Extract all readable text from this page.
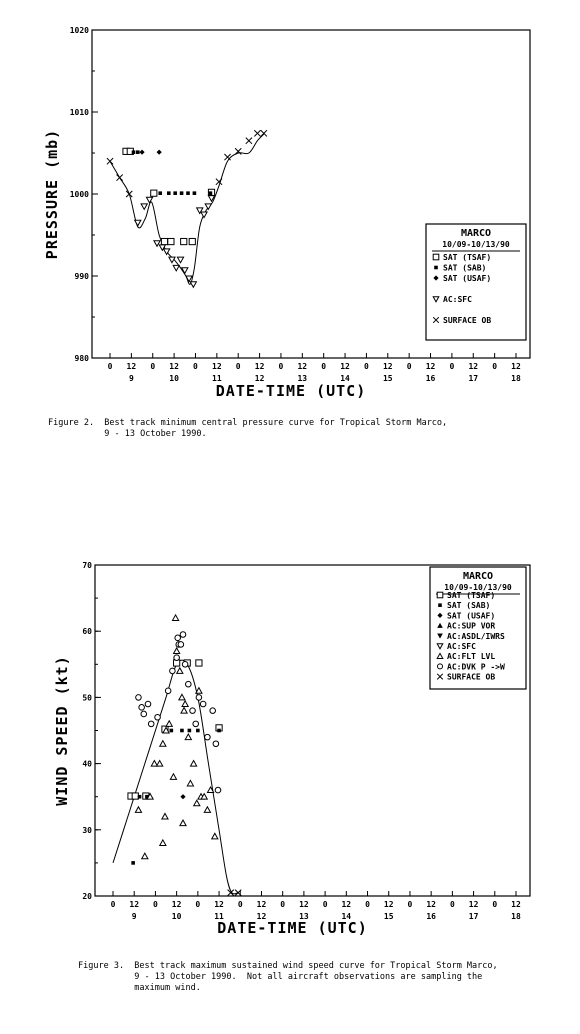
0 12
9
0 12
10
0 12
11
0 12
12
0 12
13
0 12
14
0 12
15
0 12
16
0 12
17
0 12
18
980
990
1000
1010
1020
PRESSURE (mb)
DATE-TIME (UTC)
MARCO
10/09-10/13/90
SAT (TSAF)
SAT (SAB)
SAT (USAF)
AC:SFC
SURFACE OB
0 12
9
0 12
10
0 12
11
0 12
12
0 12
13
0 12
14
0 12
15
0 12
16
0 12
17
0 12
18
20
30
40
50
60
70
WIND SPEED (kt)
DATE-TIME (UTC)
MARCO
10/09-10/13/90
SAT (TSAF)
SAT (SAB)
SAT (USAF)
AC:SUP VOR
AC:ASDL/IWRS
AC:SFC
AC:FLT LVL
AC:DVK P ->W
SURFACE OB
Figure 2.  Best track minimum central pressure curve for Tropical Storm Marco,
9 - 13 October 1990.
Figure 3.  Best track maximum sustained wind speed curve for Tropical Storm Marco,
9 - 13 October 1990.  Not all aircraft observations are sampling the
maximum wind.
